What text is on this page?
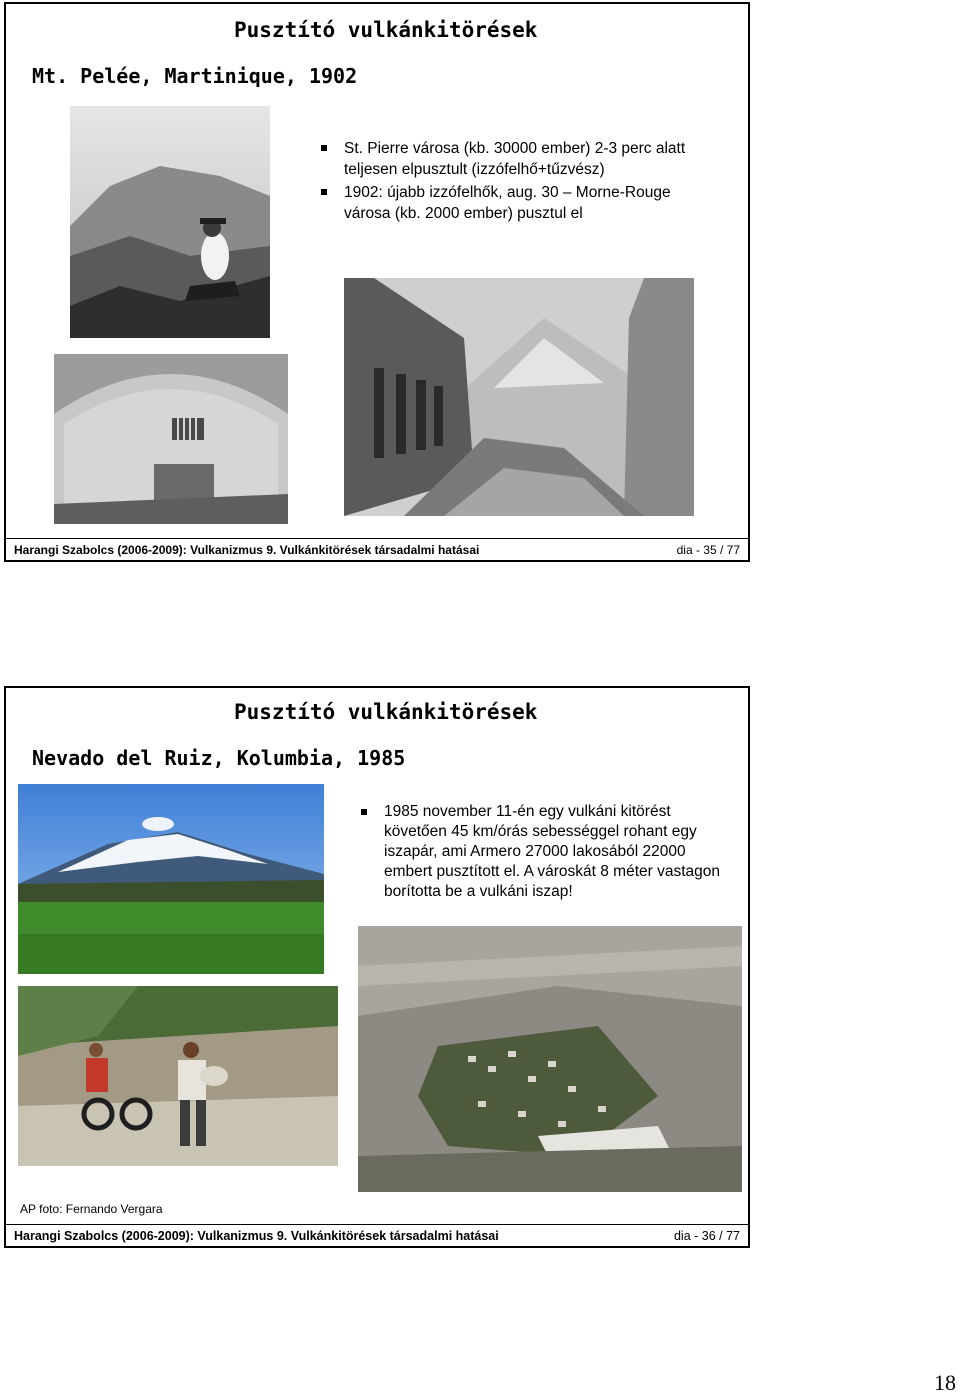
Pusztító vulkánkitörések
Mt. Pelée, Martinique, 1902
St. Pierre városa (kb. 30000 ember) 2-3 perc alatt teljesen elpusztult (izzófelhő+tűzvész)
1902: újabb izzófelhők, aug. 30 – Morne-Rouge városa (kb. 2000 ember) pusztul el
Harangi Szabolcs (2006-2009): Vulkanizmus 9. Vulkánkitörések társadalmi hatásai	dia - 35 / 77
Pusztító vulkánkitörések
Nevado del Ruiz, Kolumbia, 1985
1985 november 11-én egy vulkáni kitörést követően 45 km/órás sebességgel rohant egy iszapár, ami Armero 27000 lakosából 22000 embert pusztított el. A városkát 8 méter vastagon borította be a vulkáni iszap!
AP foto: Fernando Vergara
Harangi Szabolcs (2006-2009): Vulkanizmus 9. Vulkánkitörések társadalmi hatásai	dia - 36 / 77
18
